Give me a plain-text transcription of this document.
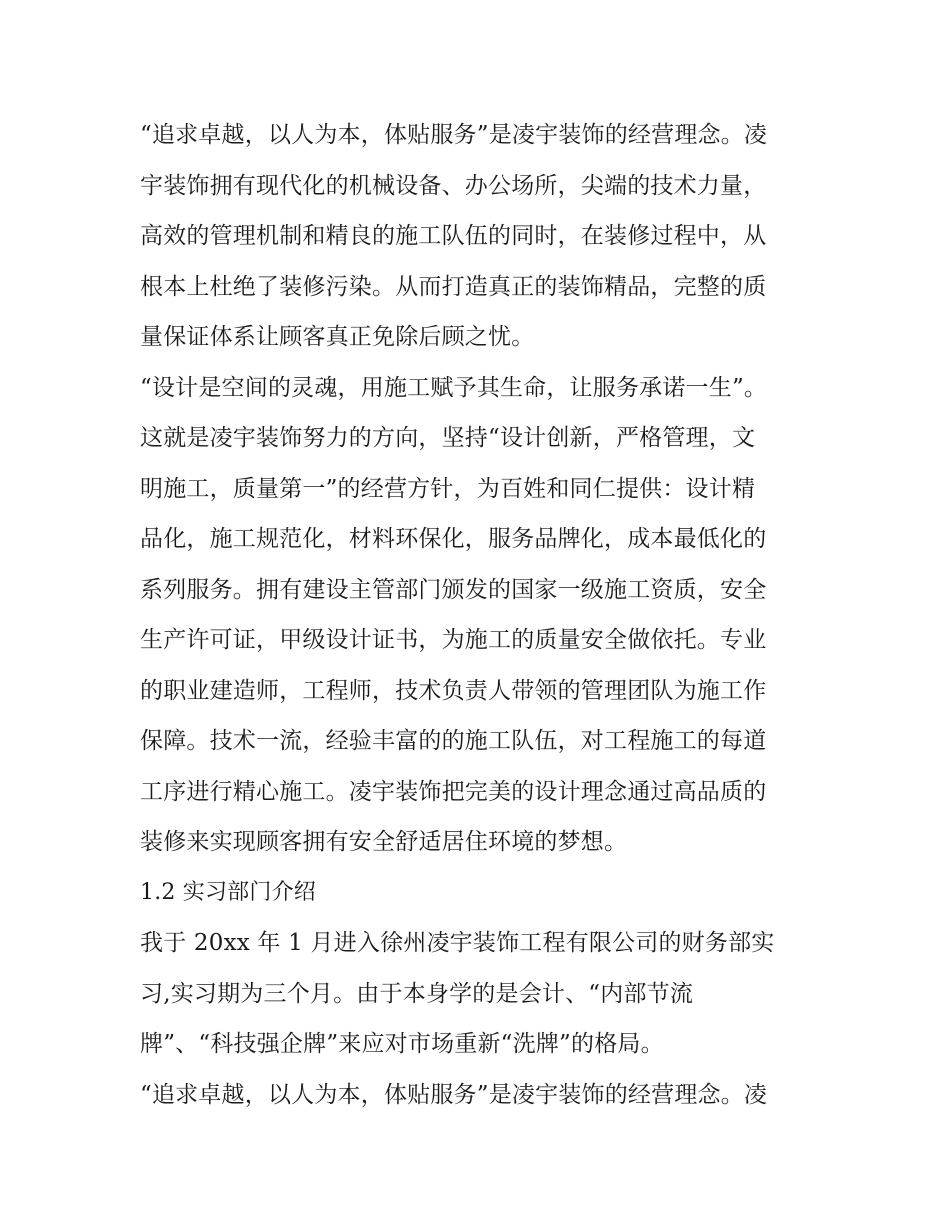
“追求卓越，以人为本，体贴服务”是凌宇装饰的经营理念。凌
宇装饰拥有现代化的机械设备、办公场所，尖端的技术力量，
高效的管理机制和精良的施工队伍的同时，在装修过程中，从
根本上杜绝了装修污染。从而打造真正的装饰精品，完整的质
量保证体系让顾客真正免除后顾之忧。
“设计是空间的灵魂，用施工赋予其生命，让服务承诺一生”。
这就是凌宇装饰努力的方向，坚持“设计创新，严格管理，文
明施工，质量第一”的经营方针，为百姓和同仁提供：设计精
品化，施工规范化，材料环保化，服务品牌化，成本最低化的
系列服务。拥有建设主管部门颁发的国家一级施工资质，安全
生产许可证，甲级设计证书，为施工的质量安全做依托。专业
的职业建造师，工程师，技术负责人带领的管理团队为施工作
保障。技术一流，经验丰富的的施工队伍，对工程施工的每道
工序进行精心施工。凌宇装饰把完美的设计理念通过高品质的
装修来实现顾客拥有安全舒适居住环境的梦想。
1.2 实习部门介绍
我于 20xx 年 1 月进入徐州凌宇装饰工程有限公司的财务部实
习,实习期为三个月。由于本身学的是会计、“内部节流
牌”、“科技强企牌”来应对市场重新“洗牌”的格局。
“追求卓越，以人为本，体贴服务”是凌宇装饰的经营理念。凌
